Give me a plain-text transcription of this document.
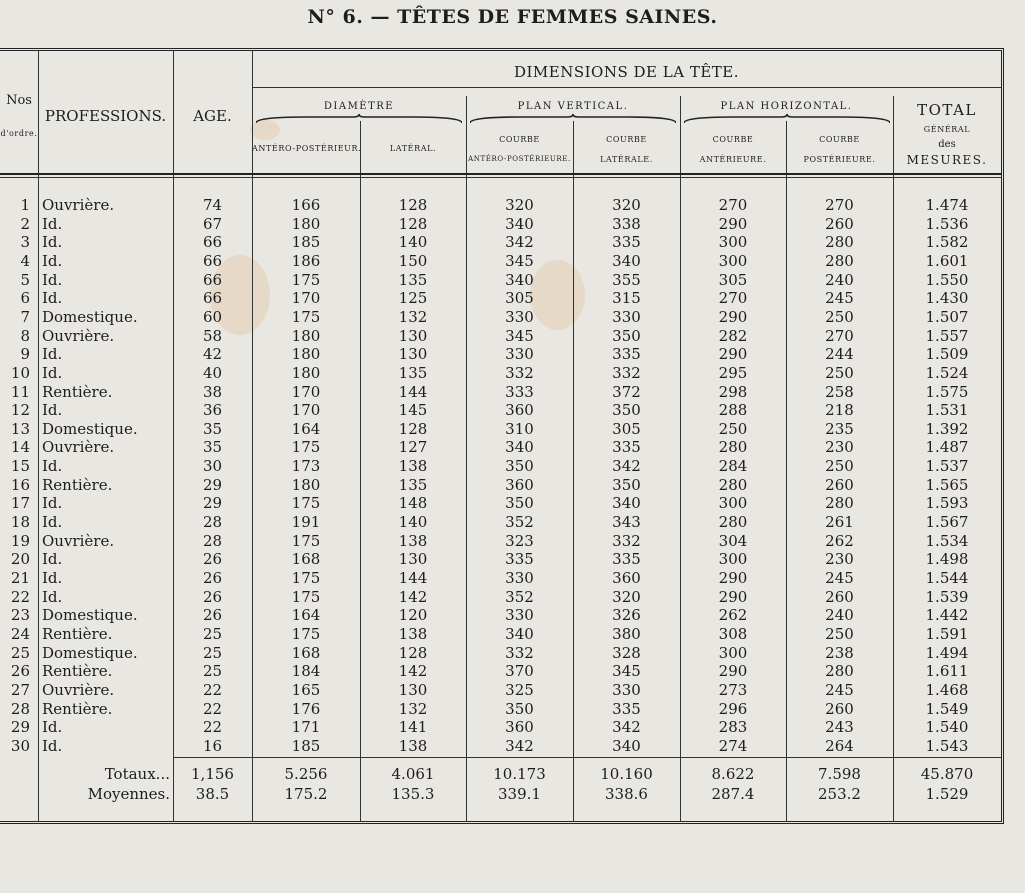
N° 6. — TÊTES DE FEMMES SAINES.
Nos
d'ordre.
PROFESSIONS.	AGE.
DIMENSIONS DE LA TÊTE.
DIAMÈTRE	PLAN VERTICAL.	PLAN HORIZONTAL.
ANTÉRO-POSTÉRIEUR.	LATÉRAL.
COURBE
ANTÉRO-POSTÉRIEURE.
COURBE
LATÉRALE.
COURBE
ANTÉRIEURE.
COURBE
POSTÉRIEURE.
TOTAL
GÉNÉRAL
des
MESURES.
1 Ouvrière.	74	166	128	320	320	270	270	1.474
2 Id.	67	180	128	340	338	290	260	1.536
3 Id.	66	185	140	342	335	300	280	1.582
4 Id.	66	186	150	345	340	300	280	1.601
5 Id.	66	175	135	340	355	305	240	1.550
6 Id.	66	170	125	305	315	270	245	1.430
7 Domestique.	60	175	132	330	330	290	250	1.507
8 Ouvrière.	58	180	130	345	350	282	270	1.557
9 Id.	42	180	130	330	335	290	244	1.509
10 Id.	40	180	135	332	332	295	250	1.524
11 Rentière.	38	170	144	333	372	298	258	1.575
12 Id.	36	170	145	360	350	288	218	1.531
13 Domestique.	35	164	128	310	305	250	235	1.392
14 Ouvrière.	35	175	127	340	335	280	230	1.487
15 Id.	30	173	138	350	342	284	250	1.537
16 Rentière.	29	180	135	360	350	280	260	1.565
17 Id.	29	175	148	350	340	300	280	1.593
18 Id.	28	191	140	352	343	280	261	1.567
19 Ouvrière.	28	175	138	323	332	304	262	1.534
20 Id.	26	168	130	335	335	300	230	1.498
21 Id.	26	175	144	330	360	290	245	1.544
22 Id.	26	175	142	352	320	290	260	1.539
23 Domestique.	26	164	120	330	326	262	240	1.442
24 Rentière.	25	175	138	340	380	308	250	1.591
25 Domestique.	25	168	128	332	328	300	238	1.494
26 Rentière.	25	184	142	370	345	290	280	1.611
27 Ouvrière.	22	165	130	325	330	273	245	1.468
28 Rentière.	22	176	132	350	335	296	260	1.549
29 Id.	22	171	141	360	342	283	243	1.540
30 Id.	16	185	138	342	340	274	264	1.543
Totaux...	1,156	5.256	4.061	10.173	10.160	8.622	7.598	45.870
Moyennes.	38.5	175.2	135.3	339.1	338.6	287.4	253.2	1.529
